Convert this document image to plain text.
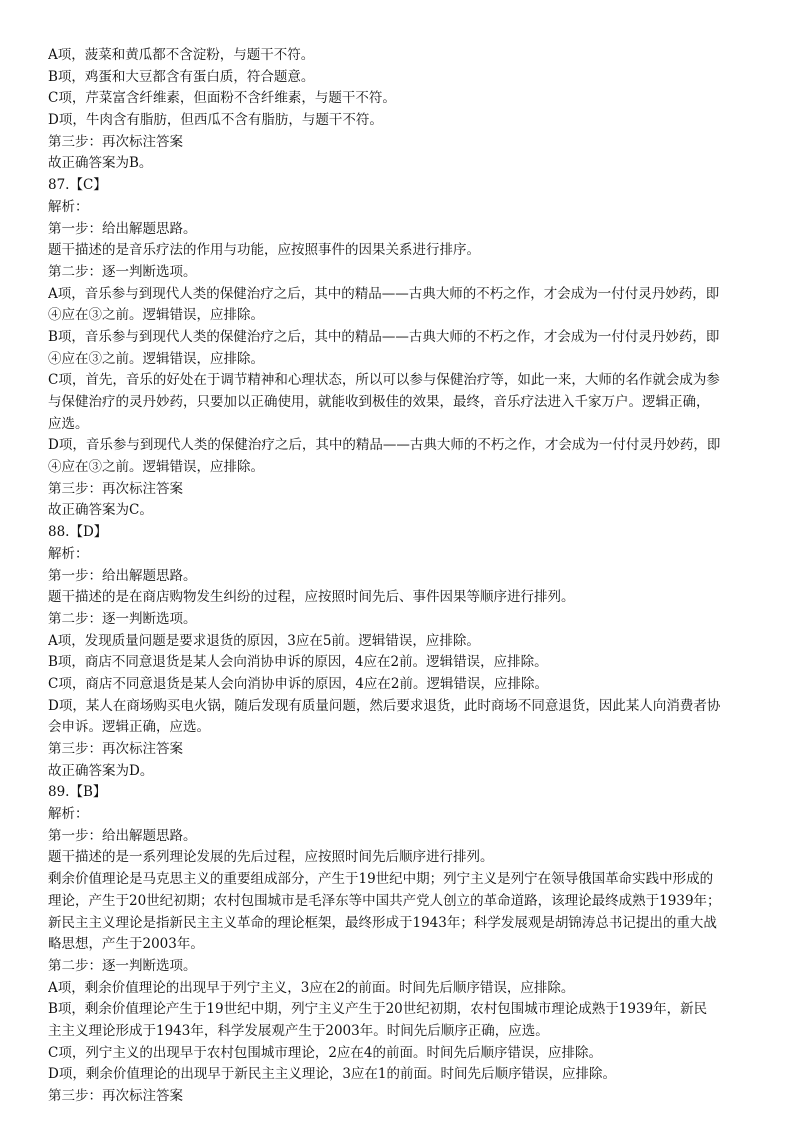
A项，菠菜和黄瓜都不含淀粉，与题干不符。
B项，鸡蛋和大豆都含有蛋白质，符合题意。
C项，芹菜富含纤维素，但面粉不含纤维素，与题干不符。
D项，牛肉含有脂肪，但西瓜不含有脂肪，与题干不符。
第三步：再次标注答案
故正确答案为B。
87.【C】
解析：
第一步：给出解题思路。
题干描述的是音乐疗法的作用与功能，应按照事件的因果关系进行排序。
第二步：逐一判断选项。
A项，音乐参与到现代人类的保健治疗之后，其中的精品——古典大师的不朽之作，才会成为一付付灵丹妙药，即
④应在③之前。逻辑错误，应排除。
B项，音乐参与到现代人类的保健治疗之后，其中的精品——古典大师的不朽之作，才会成为一付付灵丹妙药，即
④应在③之前。逻辑错误，应排除。
C项，首先，音乐的好处在于调节精神和心理状态，所以可以参与保健治疗等，如此一来，大师的名作就会成为参
与保健治疗的灵丹妙药，只要加以正确使用，就能收到极佳的效果，最终，音乐疗法进入千家万户。逻辑正确，
应选。
D项，音乐参与到现代人类的保健治疗之后，其中的精品——古典大师的不朽之作，才会成为一付付灵丹妙药，即
④应在③之前。逻辑错误，应排除。
第三步：再次标注答案
故正确答案为C。
88.【D】
解析：
第一步：给出解题思路。
题干描述的是在商店购物发生纠纷的过程，应按照时间先后、事件因果等顺序进行排列。
第二步：逐一判断选项。
A项，发现质量问题是要求退货的原因，3应在5前。逻辑错误，应排除。
B项，商店不同意退货是某人会向消协申诉的原因，4应在2前。逻辑错误，应排除。
C项，商店不同意退货是某人会向消协申诉的原因，4应在2前。逻辑错误，应排除。
D项，某人在商场购买电火锅，随后发现有质量问题，然后要求退货，此时商场不同意退货，因此某人向消费者协
会申诉。逻辑正确，应选。
第三步：再次标注答案
故正确答案为D。
89.【B】
解析：
第一步：给出解题思路。
题干描述的是一系列理论发展的先后过程，应按照时间先后顺序进行排列。
剩余价值理论是马克思主义的重要组成部分，产生于19世纪中期；列宁主义是列宁在领导俄国革命实践中形成的
理论，产生于20世纪初期；农村包围城市是毛泽东等中国共产党人创立的革命道路，该理论最终成熟于1939年；
新民主主义理论是指新民主主义革命的理论框架，最终形成于1943年；科学发展观是胡锦涛总书记提出的重大战
略思想，产生于2003年。
第二步：逐一判断选项。
A项，剩余价值理论的出现早于列宁主义，3应在2的前面。时间先后顺序错误，应排除。
B项，剩余价值理论产生于19世纪中期，列宁主义产生于20世纪初期，农村包围城市理论成熟于1939年，新民
主主义理论形成于1943年，科学发展观产生于2003年。时间先后顺序正确，应选。
C项，列宁主义的出现早于农村包围城市理论，2应在4的前面。时间先后顺序错误，应排除。
D项，剩余价值理论的出现早于新民主主义理论，3应在1的前面。时间先后顺序错误，应排除。
第三步：再次标注答案
